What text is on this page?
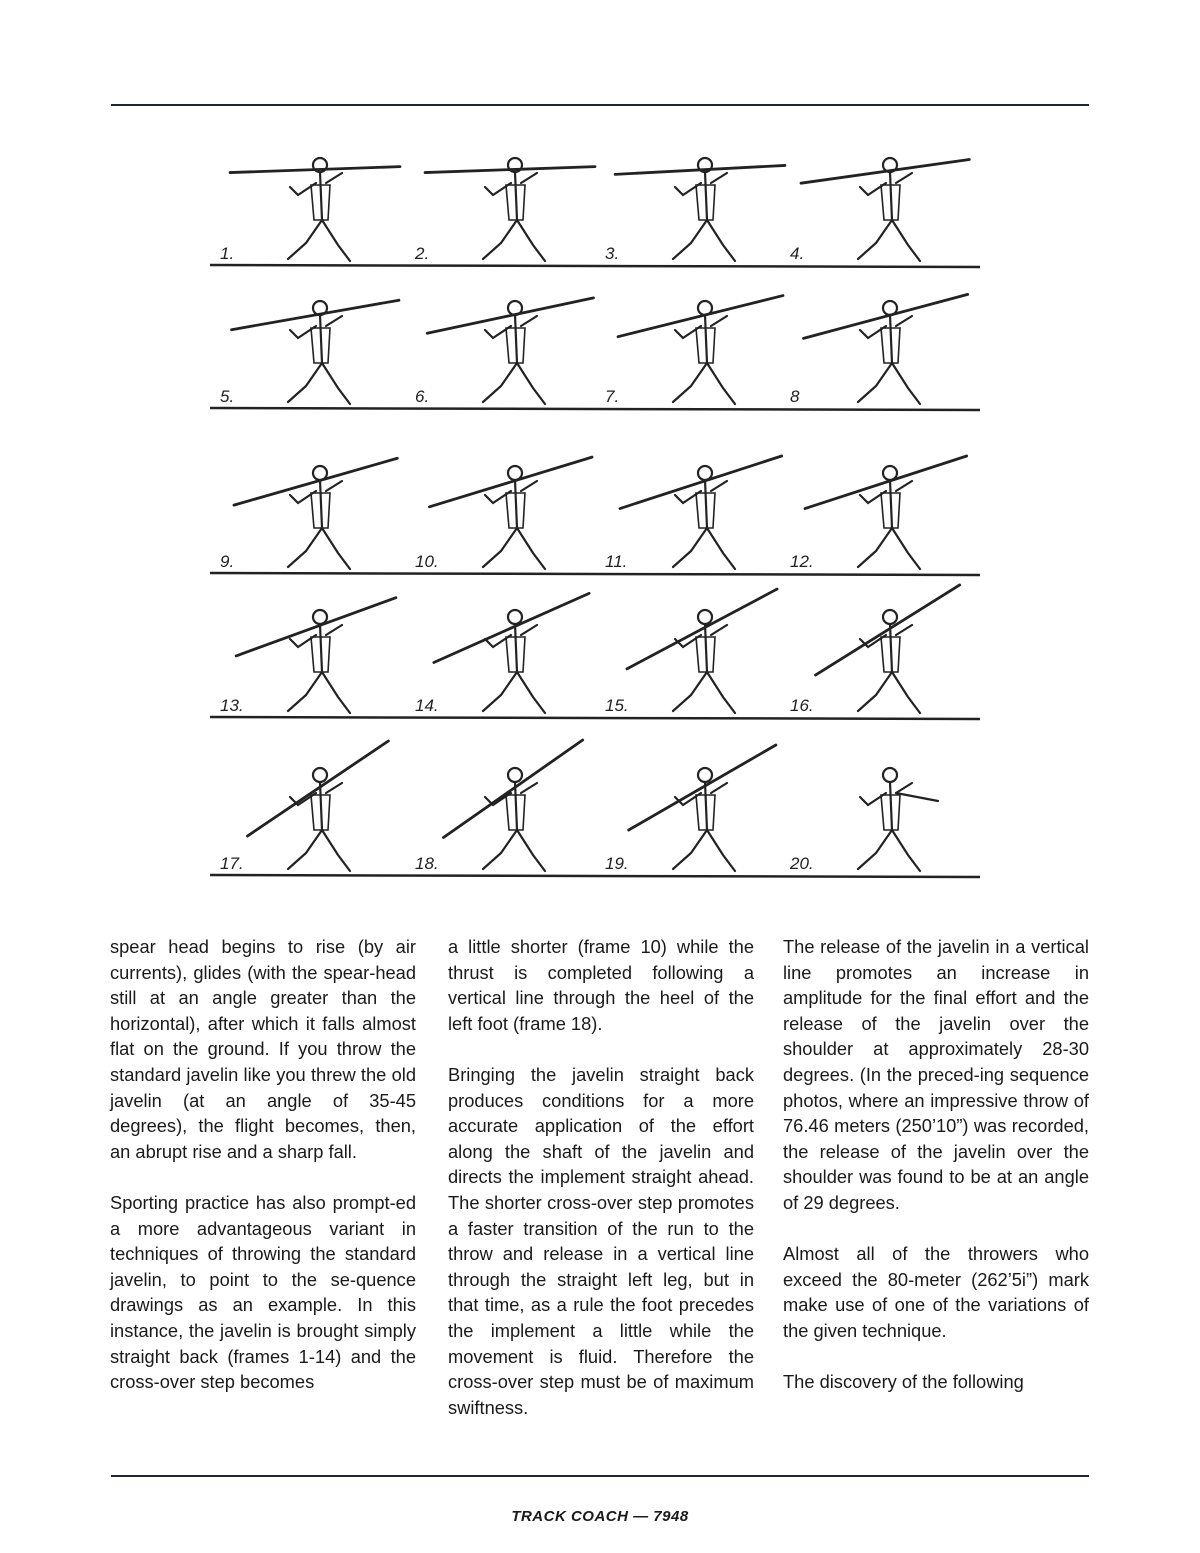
1.	2.	3.	4.
5.	6.	7.	8
9.	10.	11.	12.
13.	14.	15.	16.
17.	18.	19.	20.

spear head begins to rise (by air currents), glides (with the spear-head still at an angle greater than the horizontal), after which it falls almost flat on the ground. If you throw the standard javelin like you threw the old javelin (at an angle of 35-45 degrees), the flight becomes, then, an abrupt rise and a sharp fall.

Sporting practice has also prompt-ed a more advantageous variant in techniques of throwing the standard javelin, to point to the se-quence drawings as an example. In this instance, the javelin is brought simply straight back (frames 1-14) and the cross-over step becomes

a little shorter (frame 10) while the thrust is completed following a vertical line through the heel of the left foot (frame 18).

Bringing the javelin straight back produces conditions for a more accurate application of the effort along the shaft of the javelin and directs the implement straight ahead. The shorter cross-over step promotes a faster transition of the run to the throw and release in a vertical line through the straight left leg, but in that time, as a rule the foot precedes the implement a little while the movement is fluid. Therefore the cross-over step must be of maximum swiftness.

The release of the javelin in a vertical line promotes an increase in amplitude for the final effort and the release of the javelin over the shoulder at approximately 28-30 degrees. (In the preced-ing sequence photos, where an impressive throw of 76.46 meters (250’10”) was recorded, the release of the javelin over the shoulder was found to be at an angle of 29 degrees.

Almost all of the throwers who exceed the 80-meter (262’5i”) mark make use of one of the variations of the given technique.

The discovery of the following

TRACK COACH — 7948
